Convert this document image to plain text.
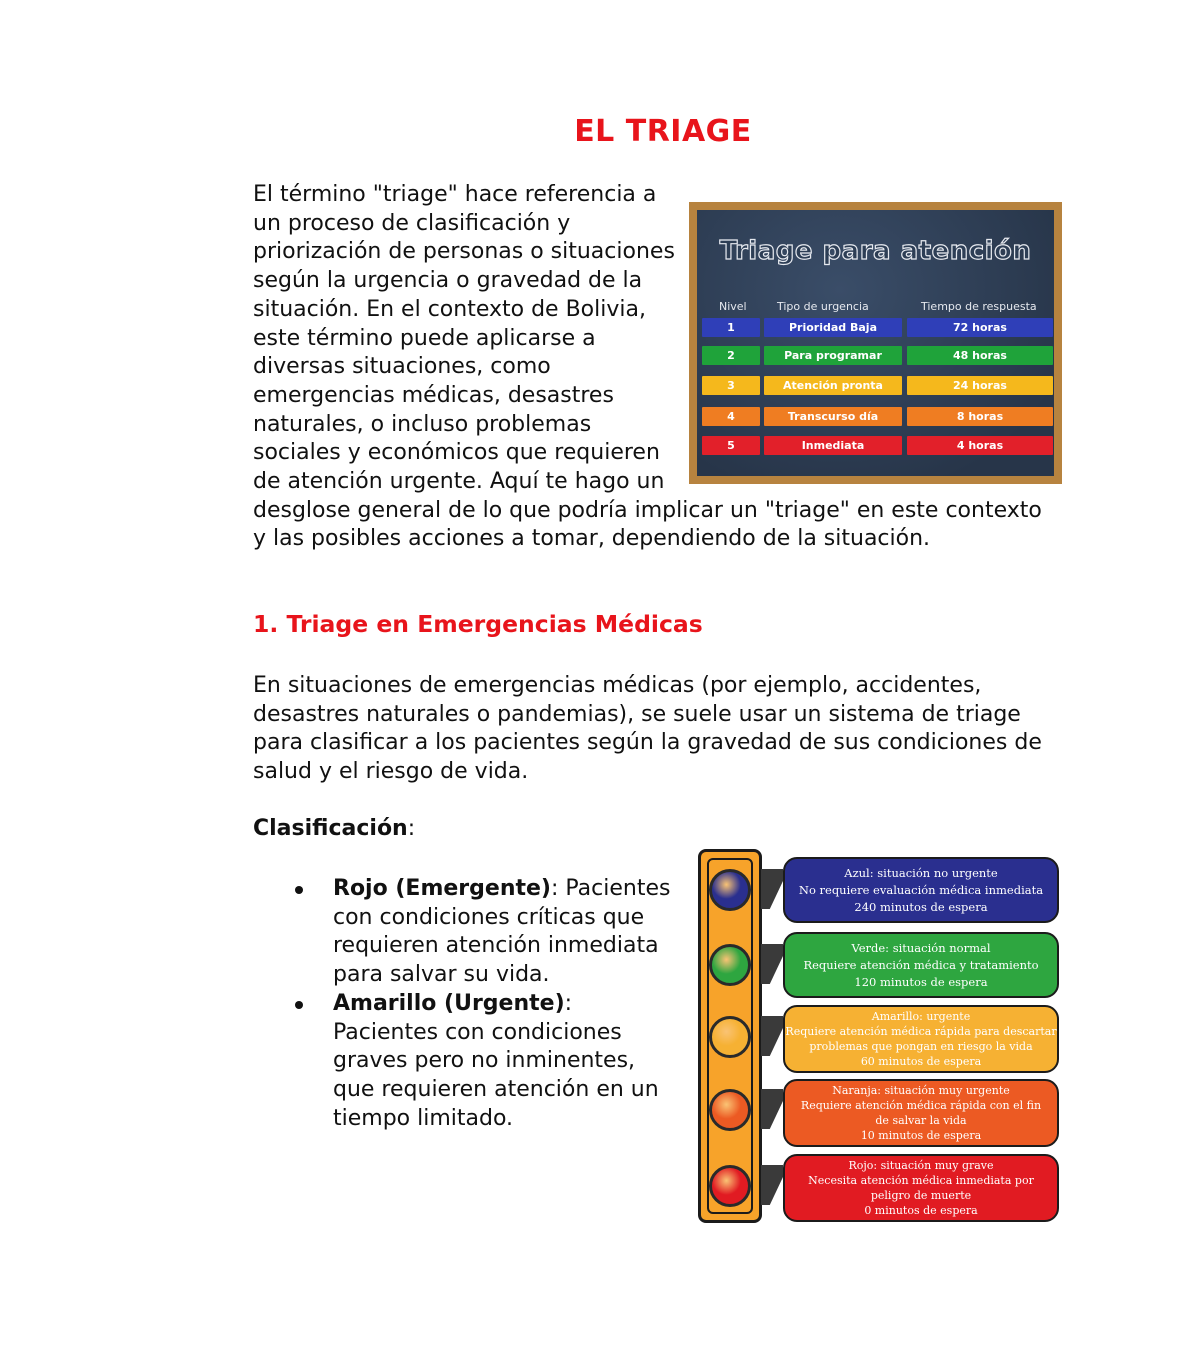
EL TRIAGE
Triage para atención
Nivel	Tipo de urgencia	Tiempo de respuesta
1	Prioridad Baja	72 horas
2	Para programar	48 horas
3	Atención pronta	24 horas
4	Transcurso día	8 horas
5	Inmediata	4 horas

El término "triage" hace referencia a un proceso de clasificación y priorización de personas o situaciones según la urgencia o gravedad de la situación. En el contexto de Bolivia, este término puede aplicarse a diversas situaciones, como emergencias médicas, desastres naturales, o incluso problemas sociales y económicos que requieren de atención urgente. Aquí te hago un desglose general de lo que podría implicar un "triage" en este contexto y las posibles acciones a tomar, dependiendo de la situación.

1. Triage en Emergencias Médicas

En situaciones de emergencias médicas (por ejemplo, accidentes, desastres naturales o pandemias), se suele usar un sistema de triage para clasificar a los pacientes según la gravedad de sus condiciones de salud y el riesgo de vida.

Clasificación:

Rojo (Emergente): Pacientes con condiciones críticas que requieren atención inmediata para salvar su vida.
Amarillo (Urgente): Pacientes con condiciones graves pero no inminentes, que requieren atención en un tiempo limitado.
Azul: situación no urgente
No requiere evaluación médica inmediata
240 minutos de espera
Verde: situación normal
Requiere atención médica y tratamiento
120 minutos de espera
Amarillo: urgente
Requiere atención médica rápida para descartar
problemas que pongan en riesgo la vida
60 minutos de espera
Naranja: situación muy urgente
Requiere atención médica rápida con el fin
de salvar la vida
10 minutos de espera
Rojo: situación muy grave
Necesita atención médica inmediata por
peligro de muerte
0 minutos de espera
